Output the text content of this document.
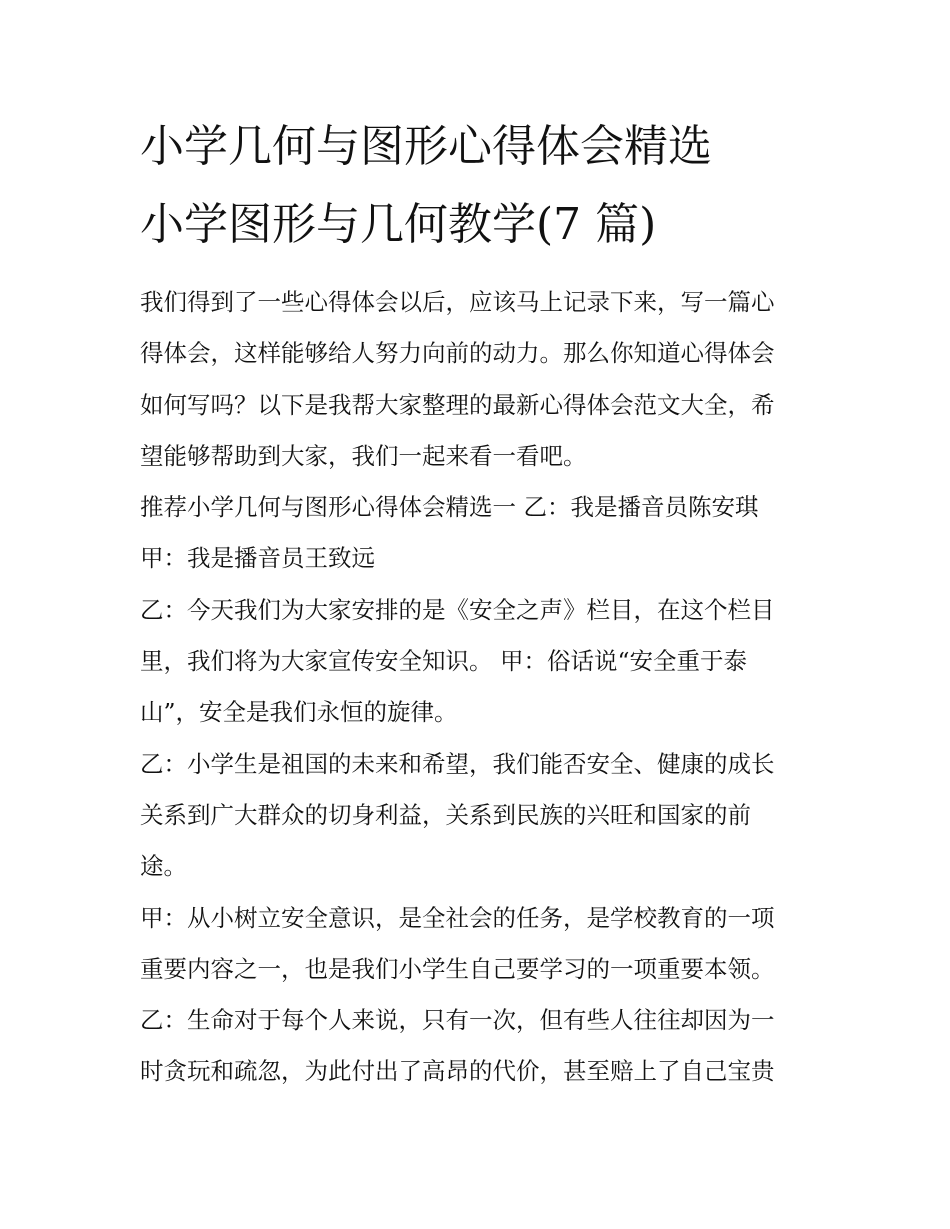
小学几何与图形心得体会精选
小学图形与几何教学(7 篇)

我们得到了一些心得体会以后，应该马上记录下来，写一篇心
得体会，这样能够给人努力向前的动力。那么你知道心得体会
如何写吗？以下是我帮大家整理的最新心得体会范文大全，希
望能够帮助到大家，我们一起来看一看吧。

推荐小学几何与图形心得体会精选一 乙：我是播音员陈安琪

甲：我是播音员王致远

乙：今天我们为大家安排的是《安全之声》栏目，在这个栏目
里，我们将为大家宣传安全知识。 甲：俗话说“安全重于泰
山”，安全是我们永恒的旋律。

乙：小学生是祖国的未来和希望，我们能否安全、健康的成长
关系到广大群众的切身利益，关系到民族的兴旺和国家的前
途。

甲：从小树立安全意识，是全社会的任务，是学校教育的一项
重要内容之一，也是我们小学生自己要学习的一项重要本领。

乙：生命对于每个人来说，只有一次，但有些人往往却因为一
时贪玩和疏忽，为此付出了高昂的代价，甚至赔上了自己宝贵
